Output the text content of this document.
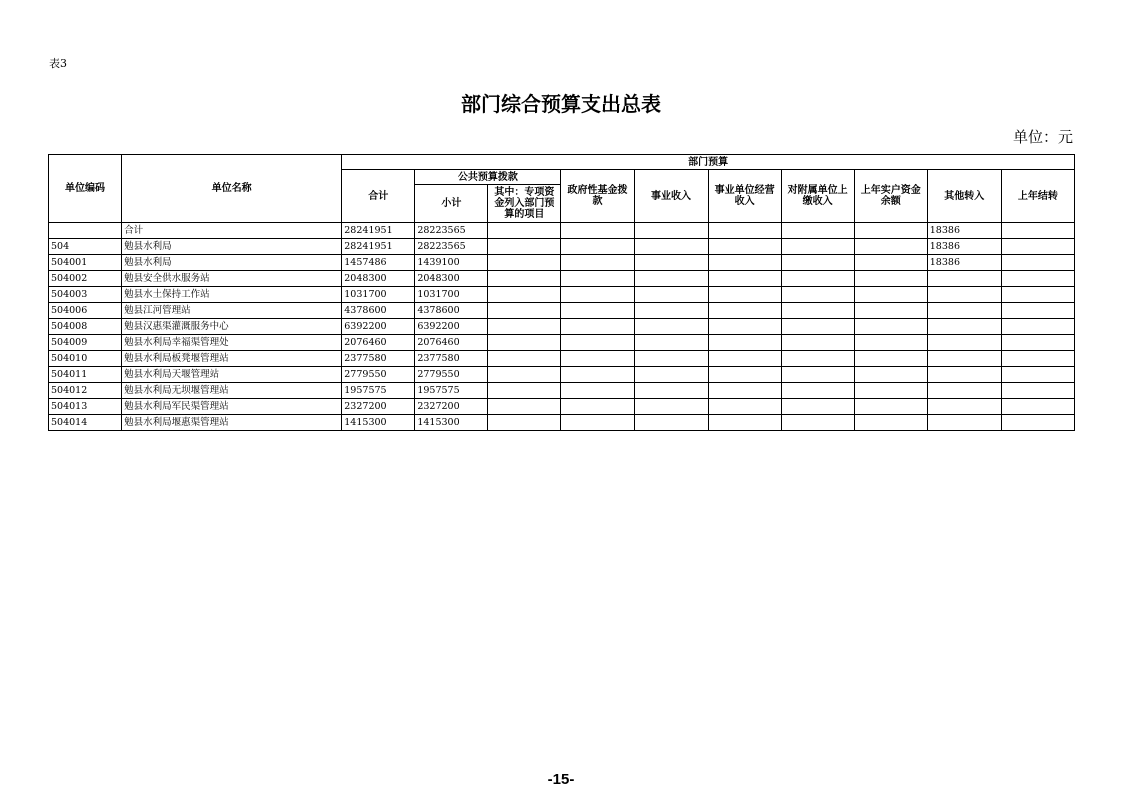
表3
部门综合预算支出总表
单位：元
单位编码	单位名称	部门预算									
		合计	公共预算拨款		政府性基金拨款	事业收入	事业单位经营收入	对附属单位上缴收入	上年实户资金余额	其他转入	上年结转
			小计	其中：专项资金列入部门预算的项目							
	合计	28241951	28223565							18386	
504	勉县水利局	28241951	28223565							18386	
504001	勉县水利局	1457486	1439100							18386	
504002	勉县安全供水服务站	2048300	2048300								
504003	勉县水土保持工作站	1031700	1031700								
504006	勉县江河管理站	4378600	4378600								
504008	勉县汉惠渠灌溉服务中心	6392200	6392200								
504009	勉县水利局幸福渠管理处	2076460	2076460								
504010	勉县水利局板凳堰管理站	2377580	2377580								
504011	勉县水利局天堰管理站	2779550	2779550								
504012	勉县水利局无坝堰管理站	1957575	1957575								
504013	勉县水利局军民渠管理站	2327200	2327200								
504014	勉县水利局堰惠渠管理站	1415300	1415300								
-15-
